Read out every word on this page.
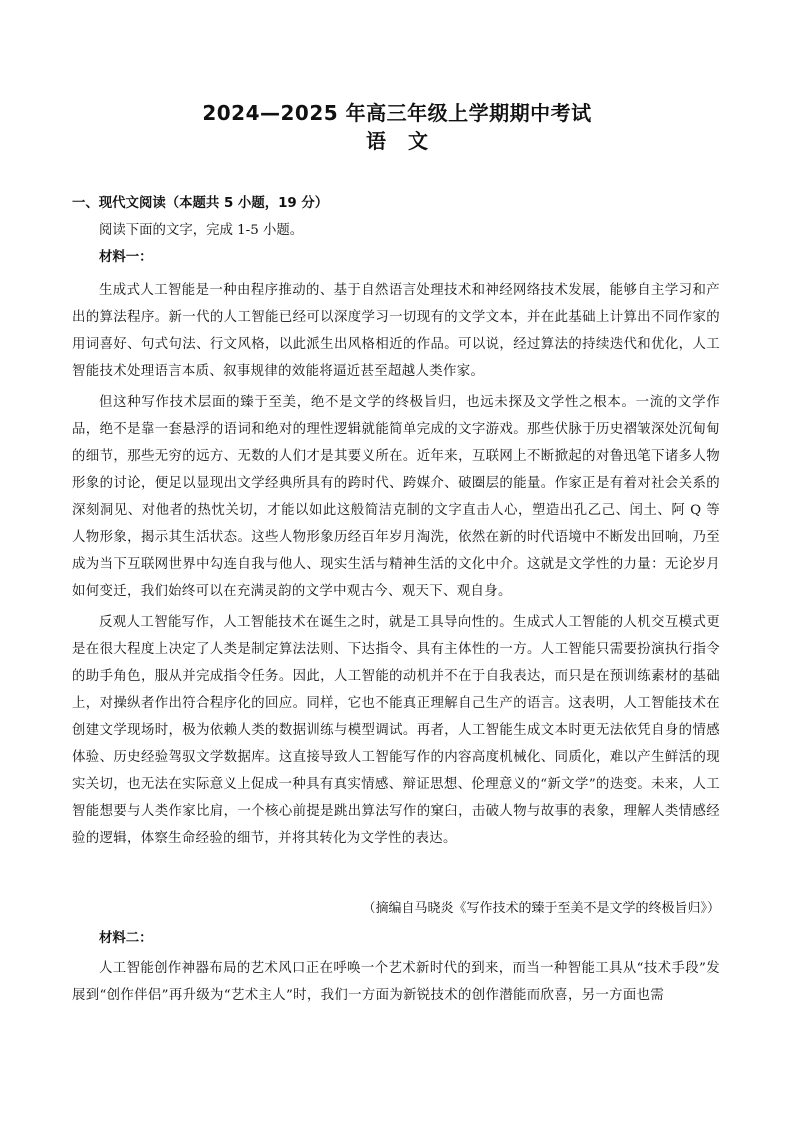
2024—2025 年高三年级上学期期中考试
语文
一、现代文阅读（本题共 5 小题，19 分）
阅读下面的文字，完成 1-5 小题。
材料一：

生成式人工智能是一种由程序推动的、基于自然语言处理技术和神经网络技术发展，能够自主学习和产出的算法程序。新一代的人工智能已经可以深度学习一切现有的文学文本，并在此基础上计算出不同作家的用词喜好、句式句法、行文风格，以此派生出风格相近的作品。可以说，经过算法的持续迭代和优化，人工智能技术处理语言本质、叙事规律的效能将逼近甚至超越人类作家。

但这种写作技术层面的臻于至美，绝不是文学的终极旨归，也远未探及文学性之根本。一流的文学作品，绝不是靠一套悬浮的语词和绝对的理性逻辑就能简单完成的文字游戏。那些伏脉于历史褶皱深处沉甸甸的细节，那些无穷的远方、无数的人们才是其要义所在。近年来，互联网上不断掀起的对鲁迅笔下诸多人物形象的讨论，便足以显现出文学经典所具有的跨时代、跨媒介、破圈层的能量。作家正是有着对社会关系的深刻洞见、对他者的热忱关切，才能以如此这般简洁克制的文字直击人心，塑造出孔乙己、闰土、阿 Q 等人物形象，揭示其生活状态。这些人物形象历经百年岁月淘洗，依然在新的时代语境中不断发出回响，乃至成为当下互联网世界中勾连自我与他人、现实生活与精神生活的文化中介。这就是文学性的力量：无论岁月如何变迁，我们始终可以在充满灵韵的文学中观古今、观天下、观自身。

反观人工智能写作，人工智能技术在诞生之时，就是工具导向性的。生成式人工智能的人机交互模式更是在很大程度上决定了人类是制定算法法则、下达指令、具有主体性的一方。人工智能只需要扮演执行指令的助手角色，服从并完成指令任务。因此，人工智能的动机并不在于自我表达，而只是在预训练素材的基础上，对操纵者作出符合程序化的回应。同样，它也不能真正理解自己生产的语言。这表明，人工智能技术在创建文学现场时，极为依赖人类的数据训练与模型调试。再者，人工智能生成文本时更无法依凭自身的情感体验、历史经验驾驭文学数据库。这直接导致人工智能写作的内容高度机械化、同质化，难以产生鲜活的现实关切，也无法在实际意义上促成一种具有真实情感、辩证思想、伦理意义的“新文学”的迭变。未来，人工智能想要与人类作家比肩，一个核心前提是跳出算法写作的窠臼，击破人物与故事的表象，理解人类情感经验的逻辑，体察生命经验的细节，并将其转化为文学性的表达。

（摘编自马晓炎《写作技术的臻于至美不是文学的终极旨归》）
材料二：

人工智能创作神器布局的艺术风口正在呼唤一个艺术新时代的到来，而当一种智能工具从“技术手段”发展到“创作伴侣”再升级为“艺术主人”时，我们一方面为新锐技术的创作潜能而欣喜，另一方面也需
